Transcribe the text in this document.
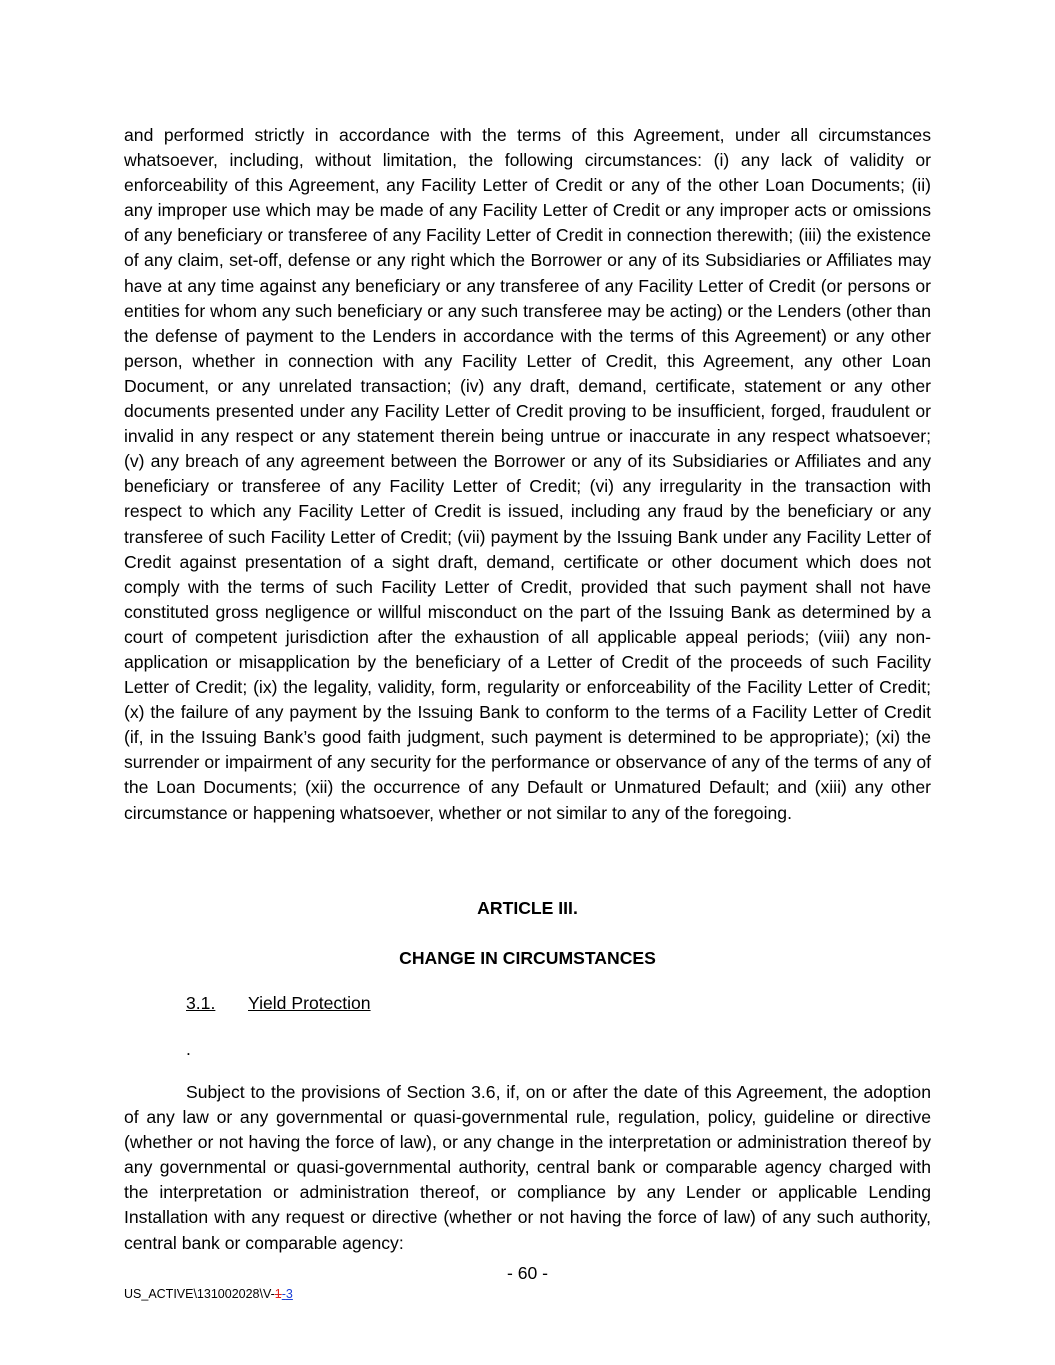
and performed strictly in accordance with the terms of this Agreement, under all circumstances whatsoever, including, without limitation, the following circumstances: (i) any lack of validity or enforceability of this Agreement, any Facility Letter of Credit or any of the other Loan Documents; (ii) any improper use which may be made of any Facility Letter of Credit or any improper acts or omissions of any beneficiary or transferee of any Facility Letter of Credit in connection therewith; (iii) the existence of any claim, set-off, defense or any right which the Borrower or any of its Subsidiaries or Affiliates may have at any time against any beneficiary or any transferee of any Facility Letter of Credit (or persons or entities for whom any such beneficiary or any such transferee may be acting) or the Lenders (other than the defense of payment to the Lenders in accordance with the terms of this Agreement) or any other person, whether in connection with any Facility Letter of Credit, this Agreement, any other Loan Document, or any unrelated transaction; (iv) any draft, demand, certificate, statement or any other documents presented under any Facility Letter of Credit proving to be insufficient, forged, fraudulent or invalid in any respect or any statement therein being untrue or inaccurate in any respect whatsoever; (v) any breach of any agreement between the Borrower or any of its Subsidiaries or Affiliates and any beneficiary or transferee of any Facility Letter of Credit; (vi) any irregularity in the transaction with respect to which any Facility Letter of Credit is issued, including any fraud by the beneficiary or any transferee of such Facility Letter of Credit; (vii) payment by the Issuing Bank under any Facility Letter of Credit against presentation of a sight draft, demand, certificate or other document which does not comply with the terms of such Facility Letter of Credit, provided that such payment shall not have constituted gross negligence or willful misconduct on the part of the Issuing Bank as determined by a court of competent jurisdiction after the exhaustion of all applicable appeal periods; (viii) any non-application or misapplication by the beneficiary of a Letter of Credit of the proceeds of such Facility Letter of Credit; (ix) the legality, validity, form, regularity or enforceability of the Facility Letter of Credit; (x) the failure of any payment by the Issuing Bank to conform to the terms of a Facility Letter of Credit (if, in the Issuing Bank’s good faith judgment, such payment is determined to be appropriate); (xi) the surrender or impairment of any security for the performance or observance of any of the terms of any of the Loan Documents; (xii) the occurrence of any Default or Unmatured Default; and (xiii) any other circumstance or happening whatsoever, whether or not similar to any of the foregoing.

ARTICLE III.

CHANGE IN CIRCUMSTANCES

3.1. Yield Protection

.

Subject to the provisions of Section 3.6, if, on or after the date of this Agreement, the adoption of any law or any governmental or quasi-governmental rule, regulation, policy, guideline or directive (whether or not having the force of law), or any change in the interpretation or administration thereof by any governmental or quasi-governmental authority, central bank or comparable agency charged with the interpretation or administration thereof, or compliance by any Lender or applicable Lending Installation with any request or directive (whether or not having the force of law) of any such authority, central bank or comparable agency:

- 60 -

US_ACTIVE\131002028\V-1-3
